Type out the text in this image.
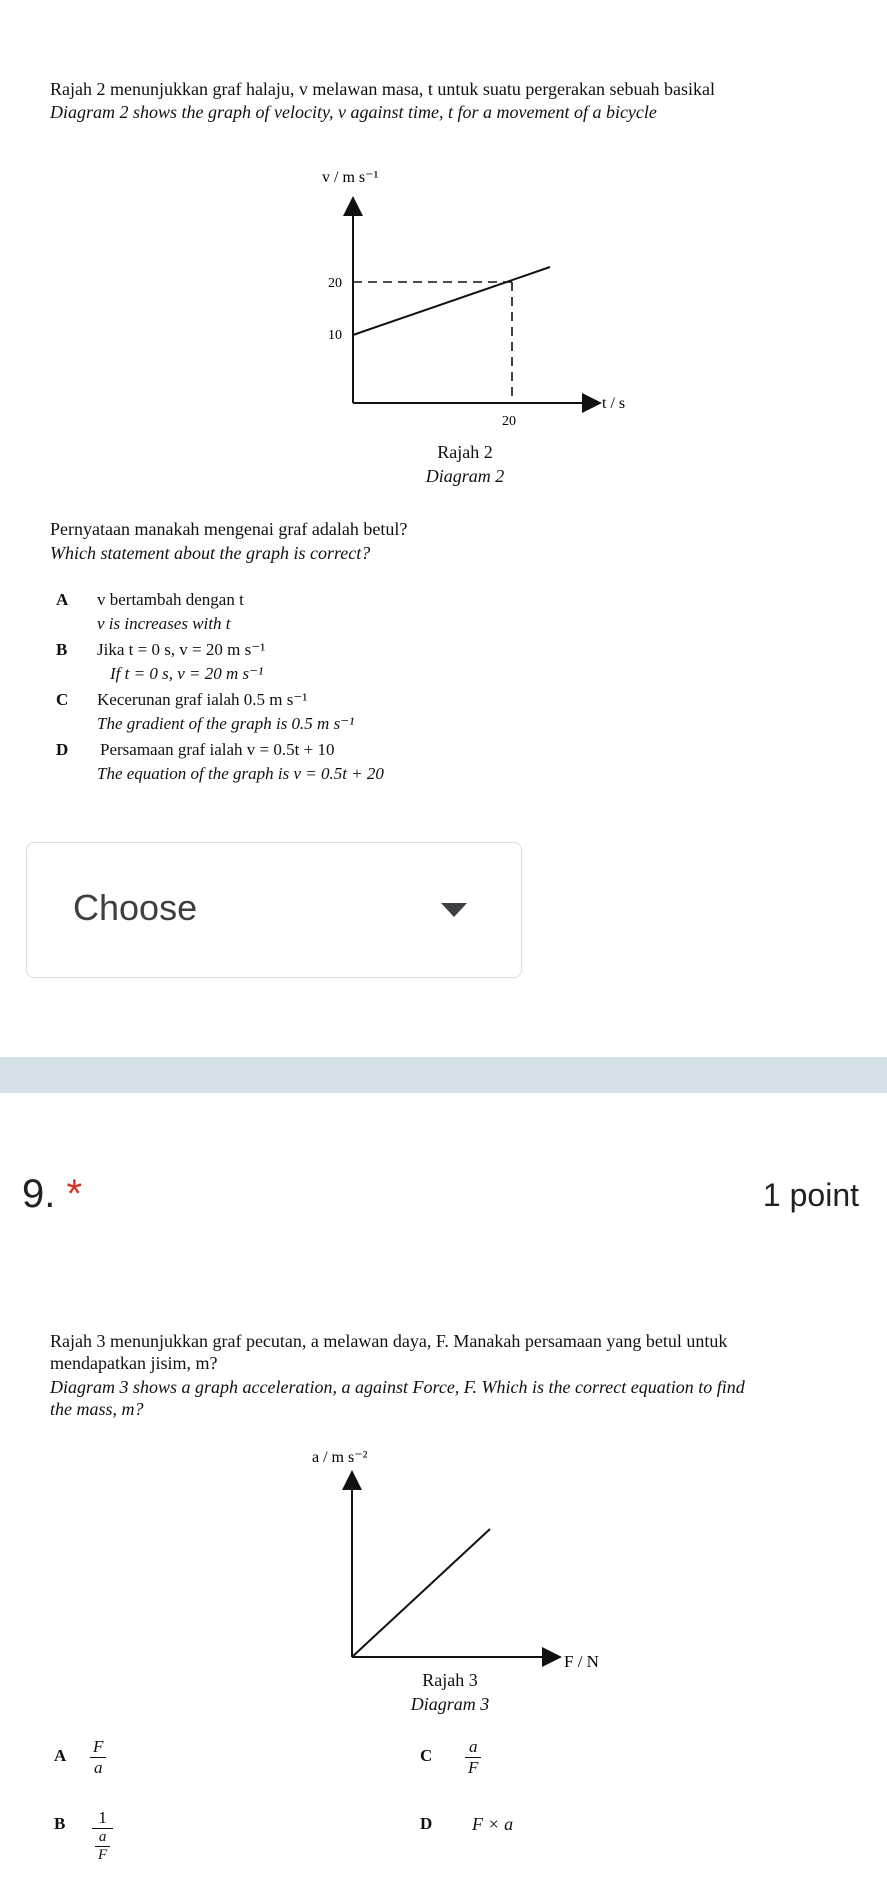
Rajah 2 menunjukkan graf halaju, v melawan masa, t untuk suatu pergerakan sebuah basikal
Diagram 2 shows the graph of velocity, v against time, t for a movement of a bicycle
v / m s⁻¹
20
10
20
t / s
Rajah 2
Diagram 2
Pernyataan manakah mengenai graf adalah betul?
Which statement about the graph is correct?
A v bertambah dengan t
v is increases with t
B Jika t = 0 s, v = 20 m s⁻¹
If t = 0 s, v = 20 m s⁻¹
C Kecerunan graf ialah 0.5 m s⁻¹
The gradient of the graph is 0.5 m s⁻¹
D Persamaan graf ialah v = 0.5t + 10
The equation of the graph is v = 0.5t + 20
Choose
9. *	1 point
Rajah 3 menunjukkan graf pecutan, a melawan daya, F. Manakah persamaan yang betul untuk
mendapatkan jisim, m?
Diagram 3 shows a graph acceleration, a against Force, F. Which is the correct equation to find
the mass, m?
a / m s⁻²
F / N
Rajah 3
Diagram 3
A $\frac{F}{a}$	C $\frac{a}{F}$
B $\frac{1}{\frac{a}{F}}$	D F × a
